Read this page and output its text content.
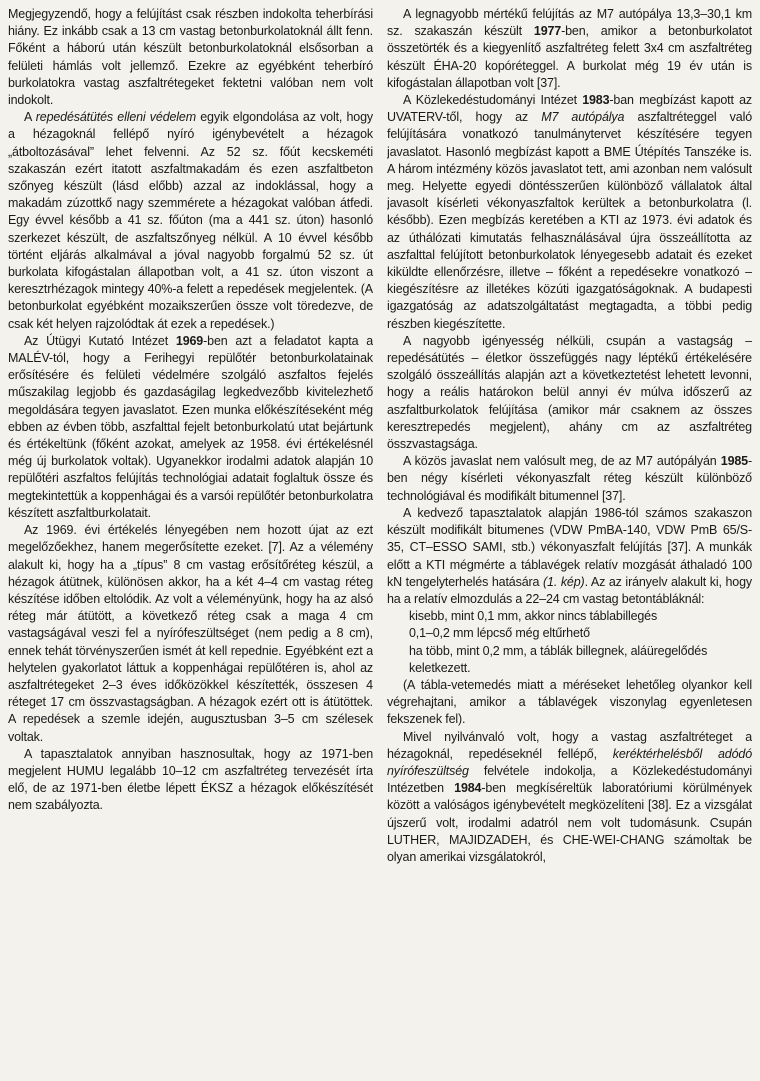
Megjegyzendő, hogy a felújítást csak részben indokolta teherbírási hiány. Ez inkább csak a 13 cm vastag betonburkolatoknál állt fenn. Főként a háború után készült betonburkolatoknál elsősorban a felületi hámlás volt jellemző. Ezekre az egyébként teherbíró burkolatokra vastag aszfaltrétegeket fektetni valóban nem volt indokolt.

A repedésátütés elleni védelem egyik elgondolása az volt, hogy a hézagoknál fellépő nyíró igénybevételt a hézagok „átboltozásával” lehet felvenni. Az 52 sz. főút kecskeméti szakaszán ezért itatott aszfaltmakadám és ezen aszfaltbeton szőnyeg készült (lásd előbb) azzal az indoklással, hogy a makadám zúzottkő nagy szemmérete a hézagokat valóban átfedi. Egy évvel később a 41 sz. főúton (ma a 441 sz. úton) hasonló szerkezet készült, de aszfaltszőnyeg nélkül. A 10 évvel később történt eljárás alkalmával a jóval nagyobb forgalmú 52 sz. út burkolata kifogástalan állapotban volt, a 41 sz. úton viszont a keresztrhézagok mintegy 40%-a felett a repedések megjelentek. (A betonburkolat egyébként mozaikszerűen össze volt töredezve, de csak két helyen rajzolódtak át ezek a repedések.)

Az Útügyi Kutató Intézet 1969-ben azt a feladatot kapta a MALÉV-tól, hogy a Ferihegyi repülőtér betonburkolatainak erősítésére és felületi védelmére szolgáló aszfaltos fejelés műszakilag legjobb és gazdaságilag legkedvezőbb kivitelezhető megoldására tegyen javaslatot. Ezen munka előkészítéseként még ebben az évben több, aszfalttal fejelt betonburkolatú utat bejártunk és értékeltünk (főként azokat, amelyek az 1958. évi értékelésnél még új burkolatok voltak). Ugyanekkor irodalmi adatok alapján 10 repülőtéri aszfaltos felújítás technológiai adatait foglaltuk össze és megtekintettük a koppenhágai és a varsói repülőtér betonburkolatra készített aszfaltburkolatait.

Az 1969. évi értékelés lényegében nem hozott újat az ezt megelőzőekhez, hanem megerősítette ezeket. [7]. Az a vélemény alakult ki, hogy ha a „típus” 8 cm vastag erősítőréteg készül, a hézagok átütnek, különösen akkor, ha a két 4–4 cm vastag réteg készítése időben eltolódik. Az volt a véleményünk, hogy ha az alsó réteg már átütött, a következő réteg csak a maga 4 cm vastagságával veszi fel a nyírófeszültséget (nem pedig a 8 cm), ennek tehát törvényszerűen ismét át kell repednie. Egyébként ezt a helytelen gyakorlatot láttuk a koppenhágai repülőtéren is, ahol az aszfaltrétegeket 2–3 éves időközökkel készítették, összesen 4 réteget 17 cm összvastagságban. A hézagok ezért ott is átütöttek. A repedések a szemle idején, augusztusban 3–5 cm szélesek voltak.

A tapasztalatok annyiban hasznosultak, hogy az 1971-ben megjelent HUMU legalább 10–12 cm aszfaltréteg tervezését írta elő, de az 1971-ben életbe lépett ÉKSZ a hézagok előkészítését nem szabályozta.

A legnagyobb mértékű felújítás az M7 autópálya 13,3–30,1 km sz. szakaszán készült 1977-ben, amikor a betonburkolatot összetörték és a kiegyenlítő aszfaltréteg felett 3x4 cm aszfaltréteg készült ÉHA-20 kopóréteggel. A burkolat még 19 év után is kifogástalan állapotban volt [37].

A Közlekedéstudományi Intézet 1983-ban megbízást kapott az UVATERV-től, hogy az M7 autópálya aszfaltréteggel való felújítására vonatkozó tanulmánytervet készítésére tegyen javaslatot. Hasonló megbízást kapott a BME Útépítés Tanszéke is. A három intézmény közös javaslatot tett, ami azonban nem valósult meg. Helyette egyedi döntésszerűen különböző vállalatok által javasolt kísérleti vékonyaszfaltok kerültek a betonburkolatra (l. később). Ezen megbízás keretében a KTI az 1973. évi adatok és az úthálózati kimutatás felhasználásával újra összeállította az aszfalttal felújított betonburkolatok lényegesebb adatait és ezeket kiküldte ellenőrzésre, illetve – főként a repedésekre vonatkozó – kiegészítésre az illetékes közúti igazgatóságoknak. A budapesti igazgatóság az adatszolgáltatást megtagadta, a többi pedig részben kiegészítette.

A nagyobb igényesség nélküli, csupán a vastagság – repedésátütés – életkor összefüggés nagy léptékű értékelésére szolgáló összeállítás alapján azt a következtetést lehetett levonni, hogy a reális határokon belül annyi év múlva időszerű az aszfaltburkolatok felújítása (amikor már csaknem az összes keresztrepedés megjelent), ahány cm az aszfaltréteg összvastagsága.

A közös javaslat nem valósult meg, de az M7 autópályán 1985-ben négy kísérleti vékonyaszfalt réteg készült különböző technológiával és modifikált bitumennel [37].

A kedvező tapasztalatok alapján 1986-tól számos szakaszon készült modifikált bitumenes (VDW PmBA-140, VDW PmB 65/S-35, CT–ESSO SAMI, stb.) vékonyaszfalt felújítás [37]. A munkák előtt a KTI mégmérte a táblavégek relatív mozgását áthaladó 100 kN tengelyterhelés hatására (1. kép). Az az irányelv alakult ki, hogy ha a relatív elmozdulás a 22–24 cm vastag betontábláknál:

kisebb, mint 0,1 mm, akkor nincs táblabillegés

0,1–0,2 mm lépcső még eltűrhető

ha több, mint 0,2 mm, a táblák billegnek, aláüregelődés keletkezett.

(A tábla-vetemedés miatt a méréseket lehetőleg olyankor kell végrehajtani, amikor a táblavégek viszonylag egyenletesen fekszenek fel).

Mivel nyilvánvaló volt, hogy a vastag aszfaltréteget a hézagoknál, repedéseknél fellépő, keréktérhelésből adódó nyírófeszültség felvétele indokolja, a Közlekedéstudományi Intézetben 1984-ben megkíséreltük laboratóriumi körülmények között a valóságos igénybevételt megközelíteni [38]. Ez a vizsgálat újszerű volt, irodalmi adatról nem volt tudomásunk. Csupán LUTHER, MAJIDZADEH, és CHE-WEI-CHANG számoltak be olyan amerikai vizsgálatokról,
